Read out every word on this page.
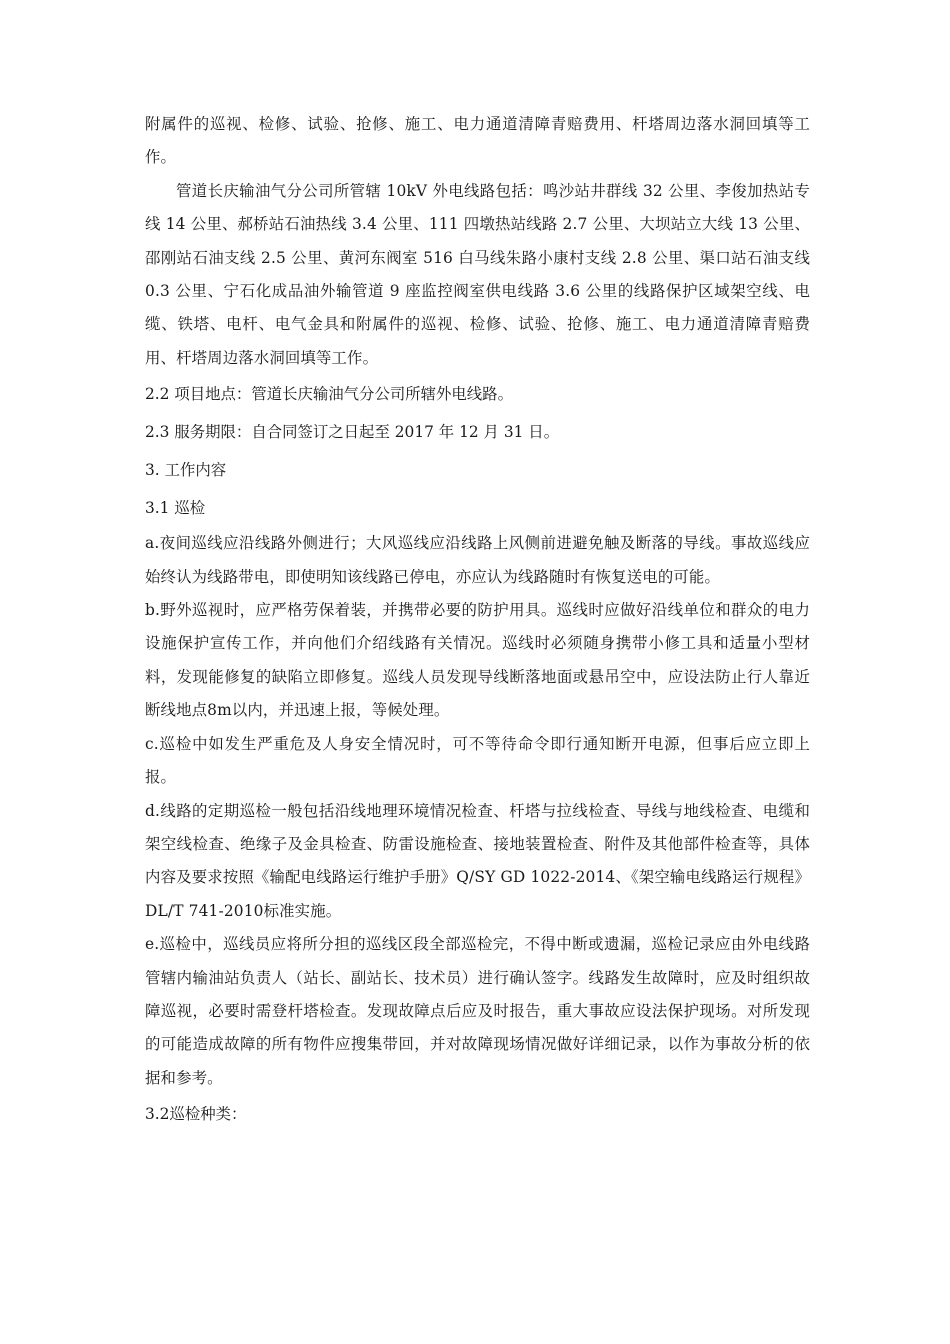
附属件的巡视、检修、试验、抢修、施工、电力通道清障青赔费用、杆塔周边落水洞回填等工作。

管道长庆输油气分公司所管辖 10kV 外电线路包括：鸣沙站井群线 32 公里、李俊加热站专线 14 公里、郝桥站石油热线 3.4 公里、111 四墩热站线路 2.7 公里、大坝站立大线 13 公里、邵刚站石油支线 2.5 公里、黄河东阀室 516 白马线朱路小康村支线 2.8 公里、渠口站石油支线 0.3 公里、宁石化成品油外输管道 9 座监控阀室供电线路 3.6 公里的线路保护区域架空线、电缆、铁塔、电杆、电气金具和附属件的巡视、检修、试验、抢修、施工、电力通道清障青赔费用、杆塔周边落水洞回填等工作。

2.2 项目地点：管道长庆输油气分公司所辖外电线路。

2.3 服务期限：自合同签订之日起至 2017 年 12 月 31 日。

3. 工作内容

3.1 巡检

a.夜间巡线应沿线路外侧进行；大风巡线应沿线路上风侧前进避免触及断落的导线。事故巡线应始终认为线路带电，即使明知该线路已停电，亦应认为线路随时有恢复送电的可能。

b.野外巡视时，应严格劳保着装，并携带必要的防护用具。巡线时应做好沿线单位和群众的电力设施保护宣传工作，并向他们介绍线路有关情况。巡线时必须随身携带小修工具和适量小型材料，发现能修复的缺陷立即修复。巡线人员发现导线断落地面或悬吊空中，应设法防止行人靠近断线地点8m以内，并迅速上报，等候处理。

c.巡检中如发生严重危及人身安全情况时，可不等待命令即行通知断开电源，但事后应立即上报。

d.线路的定期巡检一般包括沿线地理环境情况检查、杆塔与拉线检查、导线与地线检查、电缆和架空线检查、绝缘子及金具检查、防雷设施检查、接地装置检查、附件及其他部件检查等，具体内容及要求按照《输配电线路运行维护手册》Q/SY GD 1022-2014、《架空输电线路运行规程》DL/T 741-2010标准实施。

e.巡检中，巡线员应将所分担的巡线区段全部巡检完，不得中断或遗漏，巡检记录应由外电线路管辖内输油站负责人（站长、副站长、技术员）进行确认签字。线路发生故障时，应及时组织故障巡视，必要时需登杆塔检查。发现故障点后应及时报告，重大事故应设法保护现场。对所发现的可能造成故障的所有物件应搜集带回，并对故障现场情况做好详细记录，以作为事故分析的依据和参考。

3.2巡检种类：
